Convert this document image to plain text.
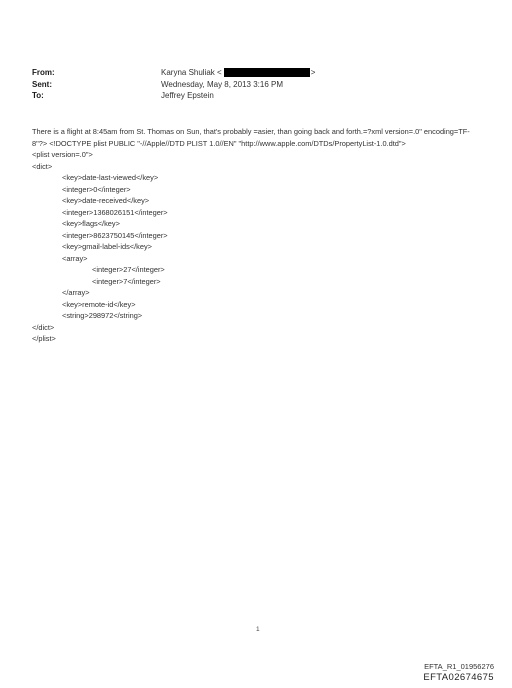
From:	Karyna Shuliak <	>
Sent:	Wednesday, May 8, 2013 3:16 PM
To:	Jeffrey Epstein

There is a flight at 8:45am from St. Thomas on Sun, that's probably =asier, than going back and forth.=?xml version=.0" encoding=TF-8"?> <!DOCTYPE plist PUBLIC "-//Apple//DTD PLIST 1.0//EN" "http://www.apple.com/DTDs/PropertyList-1.0.dtd">

<plist version=.0">
<dict>
<key>date-last-viewed</key>
<integer>0</integer>
<key>date-received</key>
<integer>1368026151</integer>
<key>flags</key>
<integer>8623750145</integer>
<key>gmail-label-ids</key>
<array>
<integer>27</integer>
<integer>7</integer>
</array>
<key>remote-id</key>
<string>298972</string>
</dict>
</plist>
1
EFTA_R1_01956276
EFTA02674675
